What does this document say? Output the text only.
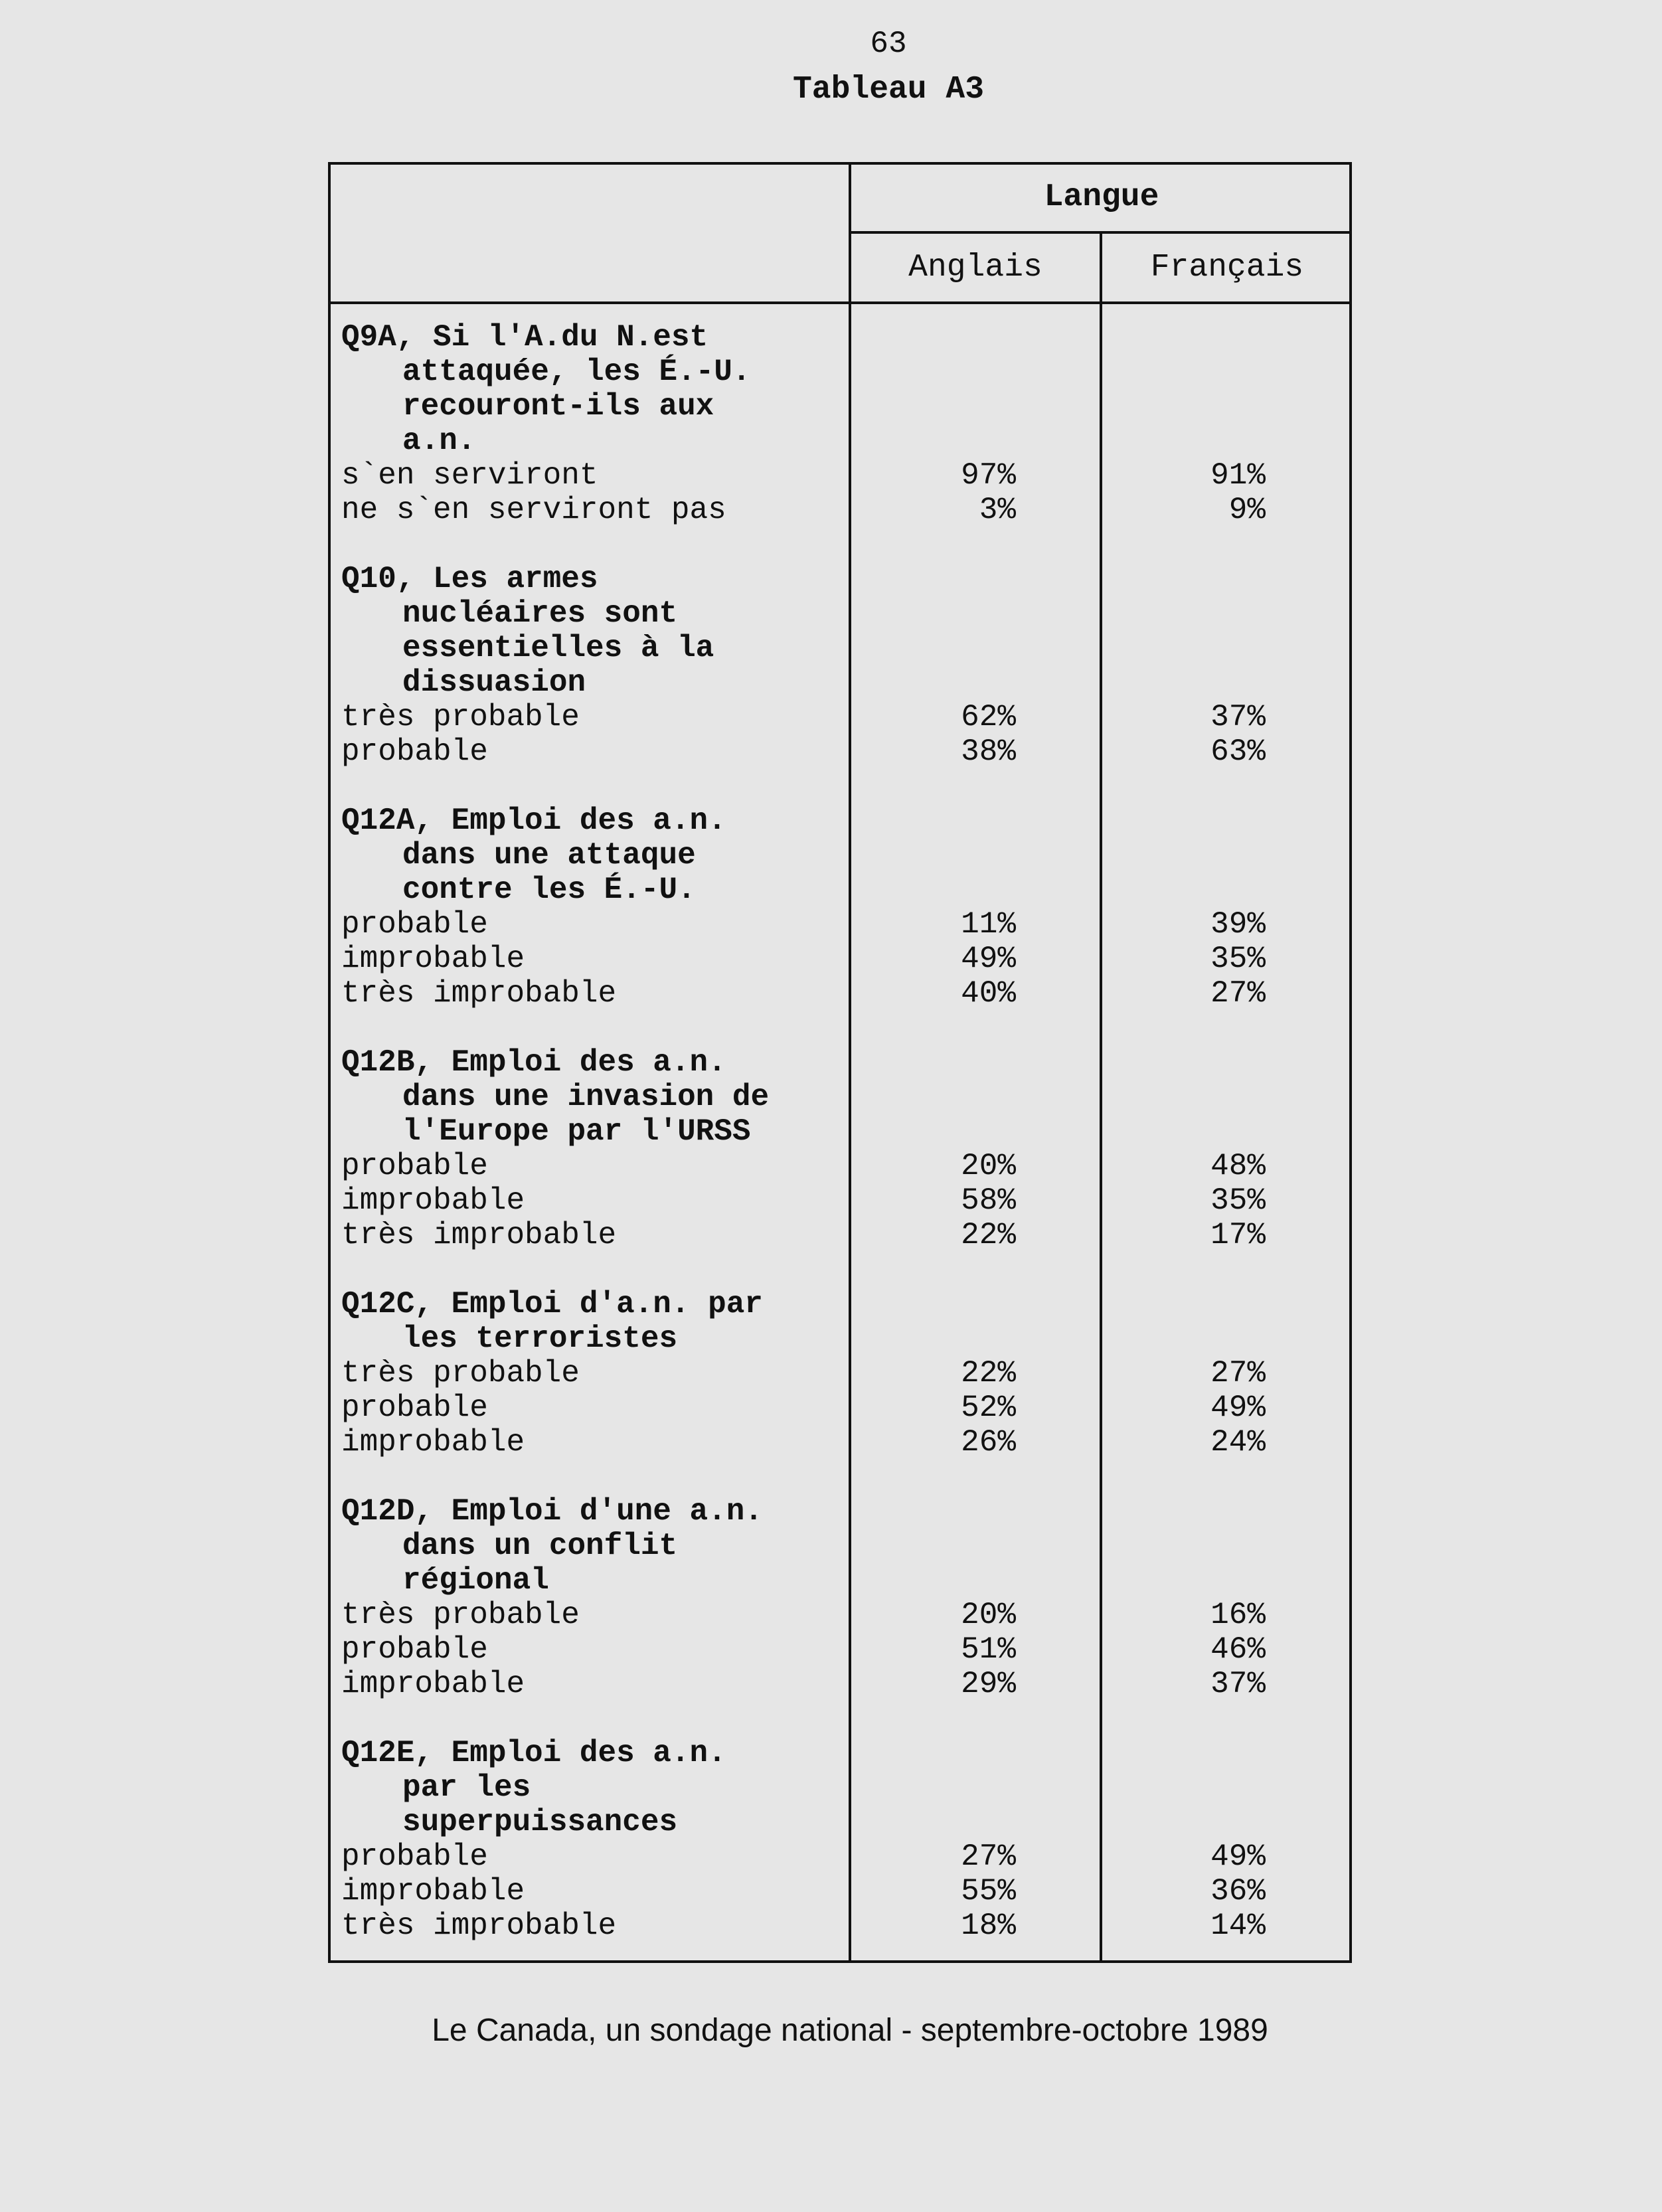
63
Tableau A3
Langue
Anglais	Français
Q9A, Si l'A.du N.est
attaquée, les É.-U.
recouront-ils aux
a.n.
s`en serviront	97%	91%
ne s`en serviront pas	3%	9%
Q10, Les armes
nucléaires sont
essentielles à la
dissuasion
très probable	62%	37%
probable	38%	63%
Q12A, Emploi des a.n.
dans une attaque
contre les É.-U.
probable	11%	39%
improbable	49%	35%
très improbable	40%	27%
Q12B, Emploi des a.n.
dans une invasion de
l'Europe par l'URSS
probable	20%	48%
improbable	58%	35%
très improbable	22%	17%
Q12C, Emploi d'a.n. par
les terroristes
très probable	22%	27%
probable	52%	49%
improbable	26%	24%
Q12D, Emploi d'une a.n.
dans un conflit
régional
très probable	20%	16%
probable	51%	46%
improbable	29%	37%
Q12E, Emploi des a.n.
par les
superpuissances
probable	27%	49%
improbable	55%	36%
très improbable	18%	14%
Le Canada, un sondage national - septembre-octobre 1989
